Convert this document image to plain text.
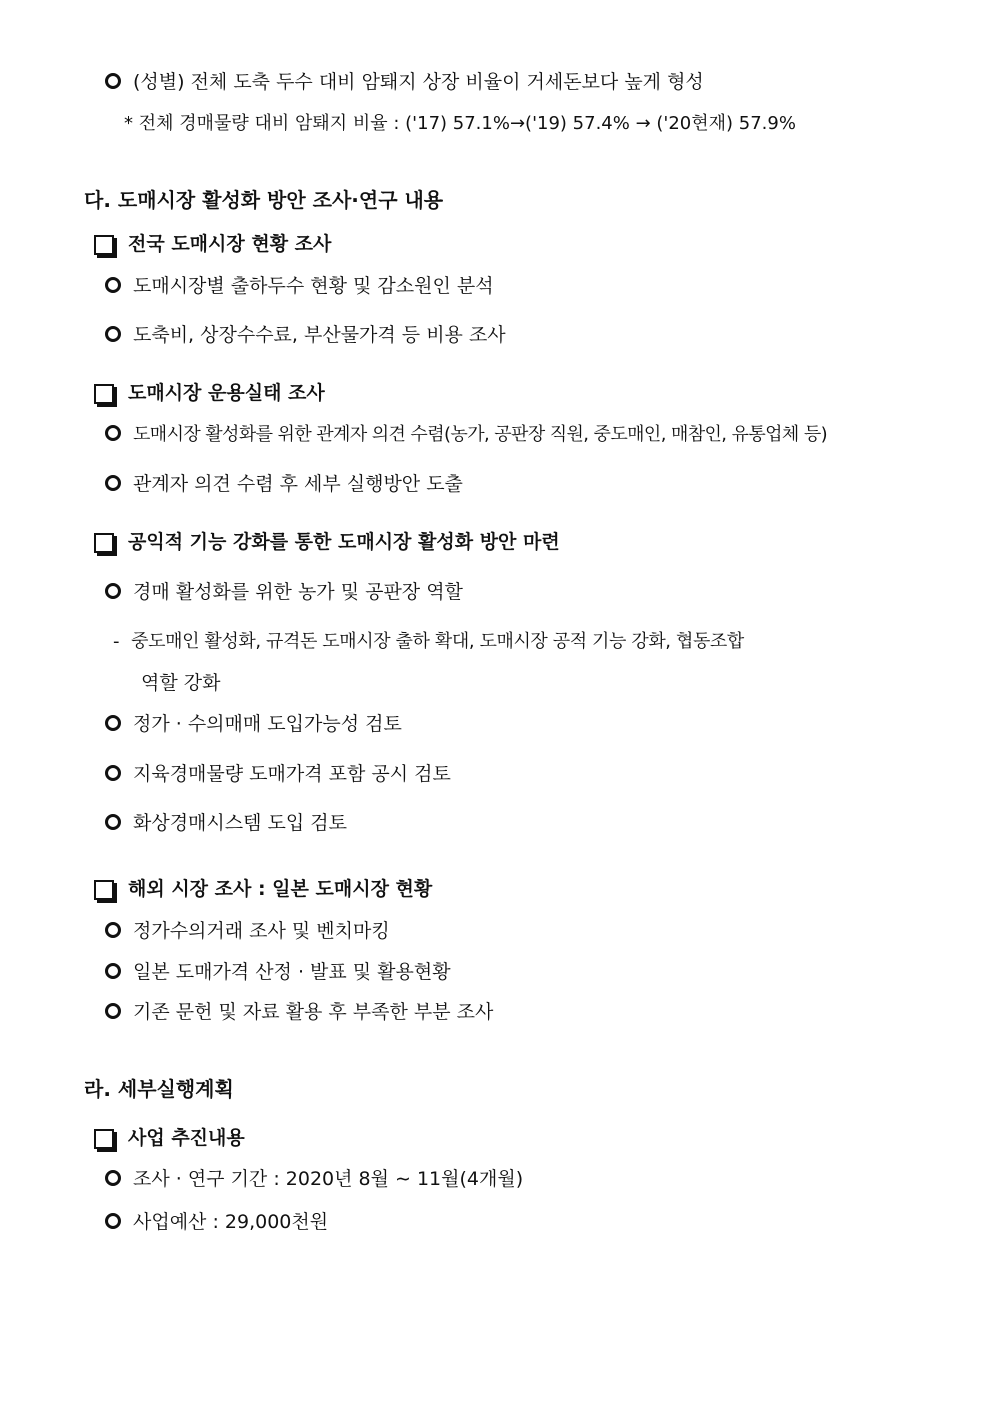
(성별) 전체 도축 두수 대비 암퇘지 상장 비율이 거세돈보다 높게 형성
* 전체 경매물량 대비 암퇘지 비율 : ('17) 57.1%→('19) 57.4% → ('20현재) 57.9%
다. 도매시장 활성화 방안 조사·연구 내용
전국 도매시장 현황 조사
도매시장별 출하두수 현황 및 감소원인 분석
도축비, 상장수수료, 부산물가격 등 비용 조사
도매시장 운용실태 조사
도매시장 활성화를 위한 관계자 의견 수렴(농가, 공판장 직원, 중도매인, 매참인, 유통업체 등)
관계자 의견 수렴 후 세부 실행방안 도출
공익적 기능 강화를 통한 도매시장 활성화 방안 마련
경매 활성화를 위한 농가 및 공판장 역할
- 중도매인 활성화, 규격돈 도매시장 출하 확대, 도매시장 공적 기능 강화, 협동조합
역할 강화
정가 · 수의매매 도입가능성 검토
지육경매물량 도매가격 포함 공시 검토
화상경매시스템 도입 검토
해외 시장 조사 : 일본 도매시장 현황
정가수의거래 조사 및 벤치마킹
일본 도매가격 산정 · 발표 및 활용현황
기존 문헌 및 자료 활용 후 부족한 부분 조사
라. 세부실행계획
사업 추진내용
조사 · 연구 기간 : 2020년 8월 ∼ 11월(4개월)
사업예산 : 29,000천원
